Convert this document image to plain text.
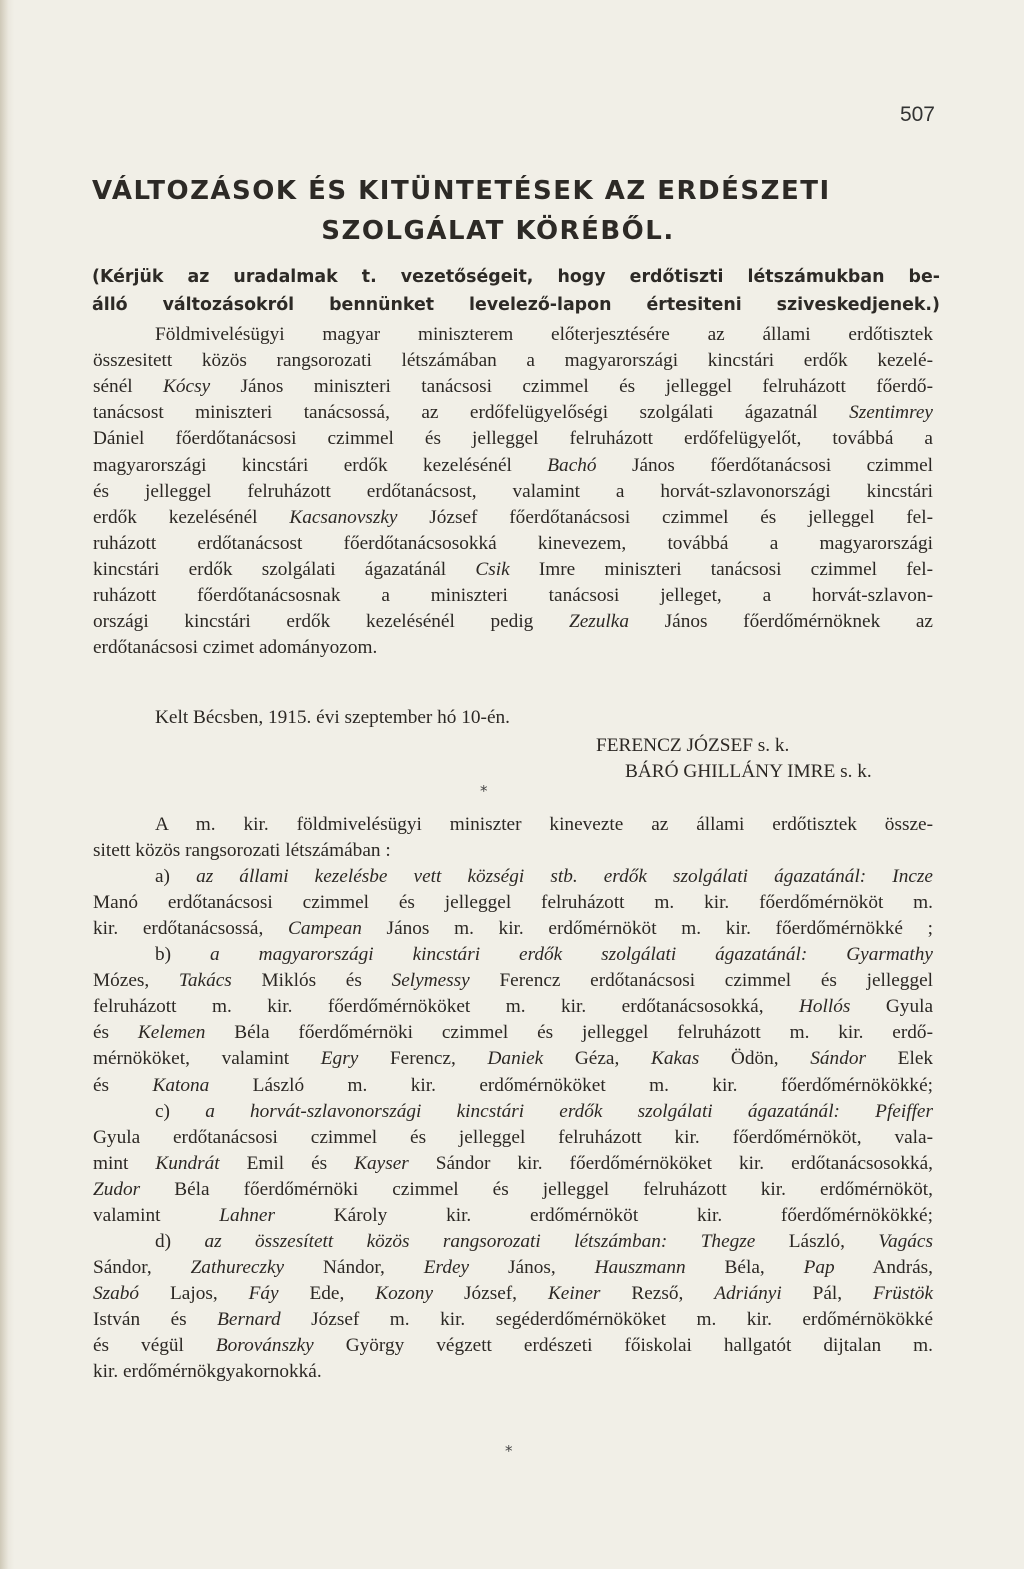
507
VÁLTOZÁSOK ÉS KITÜNTETÉSEK AZ ERDÉSZETI
SZOLGÁLAT KÖRÉBŐL.
(Kérjük az uradalmak t. vezetőségeit, hogy erdőtiszti létszámukban be-
álló változásokról bennünket levelező-lapon értesiteni sziveskedjenek.)
Földmivelésügyi magyar miniszterem előterjesztésére az állami erdőtisztek
összesitett közös rangsorozati létszámában a magyarországi kincstári erdők kezelé-
sénél Kócsy János miniszteri tanácsosi czimmel és jelleggel felruházott főerdő-
tanácsost miniszteri tanácsossá, az erdőfelügyelőségi szolgálati ágazatnál Szentimrey
Dániel főerdőtanácsosi czimmel és jelleggel felruházott erdőfelügyelőt, továbbá a
magyarországi kincstári erdők kezelésénél Bachó János főerdőtanácsosi czimmel
és jelleggel felruházott erdőtanácsost, valamint a horvát-szlavonországi kincstári
erdők kezelésénél Kacsanovszky József főerdőtanácsosi czimmel és jelleggel fel-
ruházott erdőtanácsost főerdőtanácsosokká kinevezem, továbbá a magyarországi
kincstári erdők szolgálati ágazatánál Csik Imre miniszteri tanácsosi czimmel fel-
ruházott főerdőtanácsosnak a miniszteri tanácsosi jelleget, a horvát-szlavon-
országi kincstári erdők kezelésénél pedig Zezulka János főerdőmérnöknek az
erdőtanácsosi czimet adományozom.
Kelt Bécsben, 1915. évi szeptember hó 10-én.
FERENCZ JÓZSEF s. k.
BÁRÓ GHILLÁNY IMRE s. k.
*
A m. kir. földmivelésügyi miniszter kinevezte az állami erdőtisztek össze-
sitett közös rangsorozati létszámában :
a) az állami kezelésbe vett községi stb. erdők szolgálati ágazatánál: Incze
Manó erdőtanácsosi czimmel és jelleggel felruházott m. kir. főerdőmérnököt m.
kir. erdőtanácsossá, Campean János m. kir. erdőmérnököt m. kir. főerdőmérnökké ;
b) a magyarországi kincstári erdők szolgálati ágazatánál: Gyarmathy
Mózes, Takács Miklós és Selymessy Ferencz erdőtanácsosi czimmel és jelleggel
felruházott m. kir. főerdőmérnököket m. kir. erdőtanácsosokká, Hollós Gyula
és Kelemen Béla főerdőmérnöki czimmel és jelleggel felruházott m. kir. erdő-
mérnököket, valamint Egry Ferencz, Daniek Géza, Kakas Ödön, Sándor Elek
és Katona László m. kir. erdőmérnököket m. kir. főerdőmérnökökké;
c) a horvát-szlavonországi kincstári erdők szolgálati ágazatánál: Pfeiffer
Gyula erdőtanácsosi czimmel és jelleggel felruházott kir. főerdőmérnököt, vala-
mint Kundrát Emil és Kayser Sándor kir. főerdőmérnököket kir. erdőtanácsosokká,
Zudor Béla főerdőmérnöki czimmel és jelleggel felruházott kir. erdőmérnököt,
valamint Lahner Károly kir. erdőmérnököt kir. főerdőmérnökökké;
d) az összesített közös rangsorozati létszámban: Thegze László, Vagács
Sándor, Zathureczky Nándor, Erdey János, Hauszmann Béla, Pap András,
Szabó Lajos, Fáy Ede, Kozony József, Keiner Rezső, Adriányi Pál, Früstök
István és Bernard József m. kir. segéderdőmérnököket m. kir. erdőmérnökökké
és végül Borovánszky György végzett erdészeti főiskolai hallgatót dijtalan m.
kir. erdőmérnökgyakornokká.
*
